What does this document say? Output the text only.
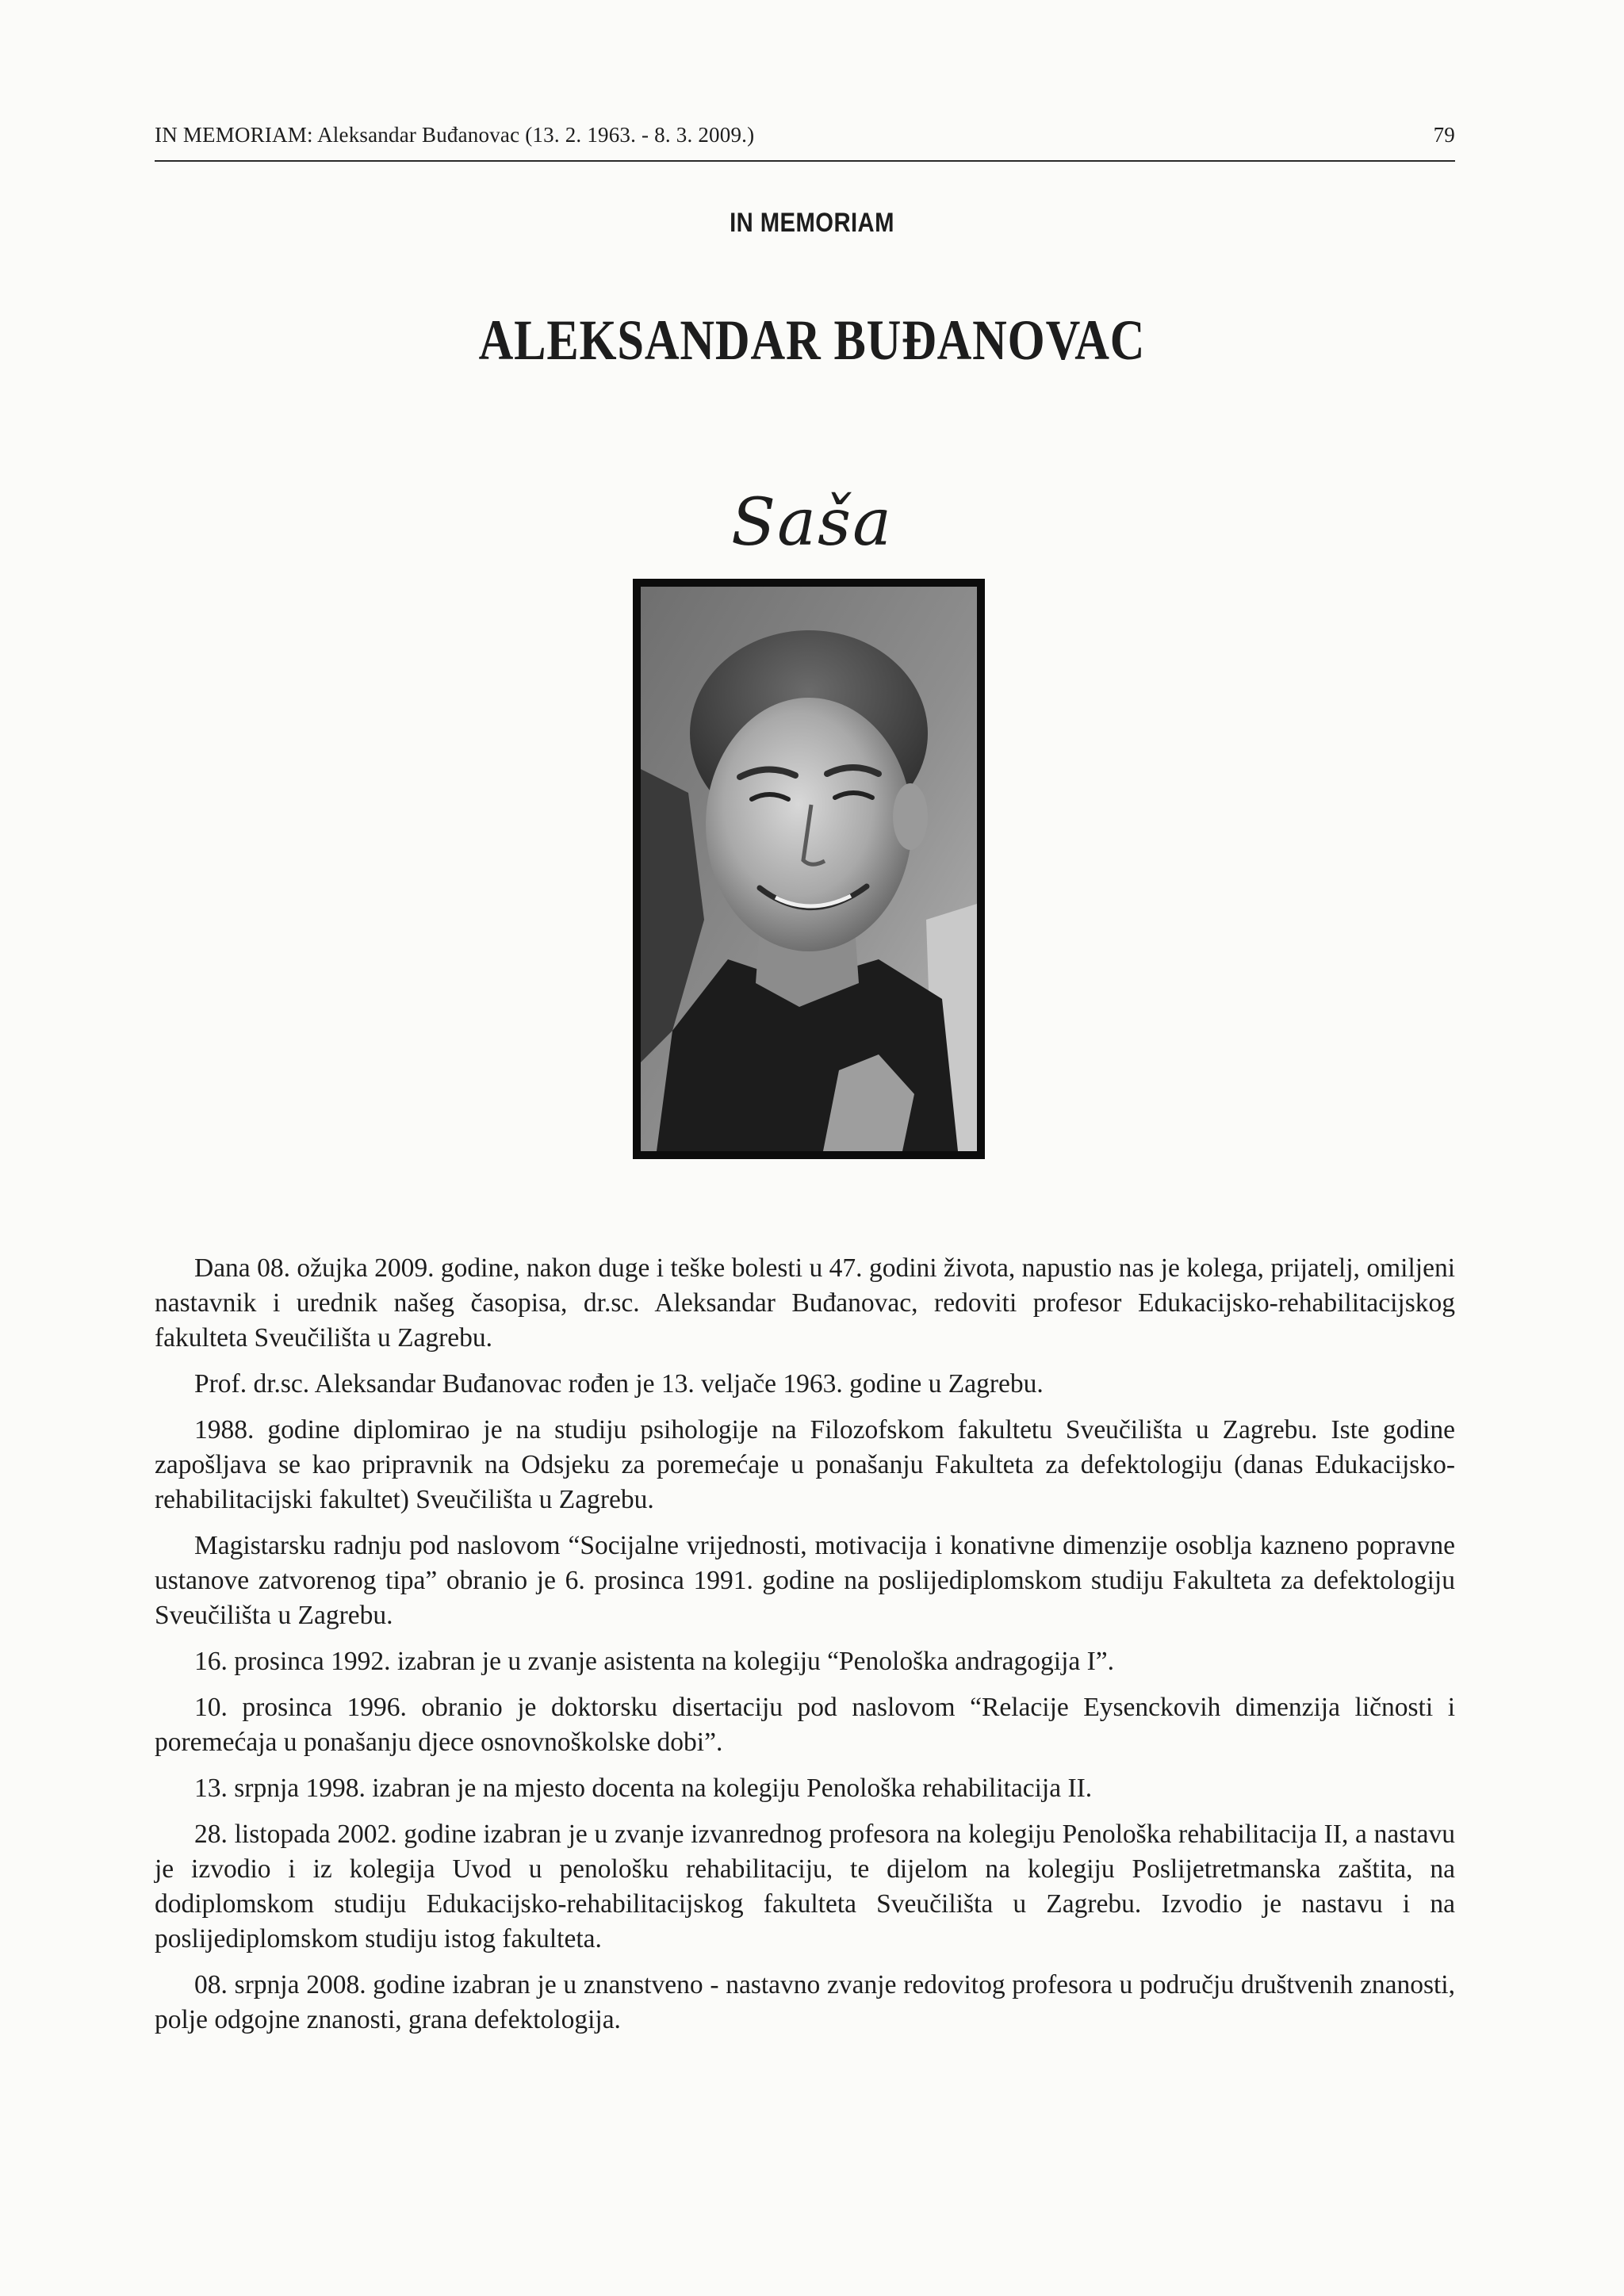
IN MEMORIAM: Aleksandar Buđanovac (13. 2. 1963. - 8. 3. 2009.)	79
IN MEMORIAM
ALEKSANDAR BUĐANOVAC
Saša

Dana 08. ožujka 2009. godine, nakon duge i teške bolesti u 47. godini života, napustio nas je kolega, prijatelj, omiljeni nastavnik i urednik našeg časopisa, dr.sc. Aleksandar Buđanovac, redoviti profesor Edukacijsko-rehabilitacijskog fakulteta Sveučilišta u Zagrebu.

Prof. dr.sc. Aleksandar Buđanovac rođen je 13. veljače 1963. godine u Zagrebu.

1988. godine diplomirao je na studiju psihologije na Filozofskom fakultetu Sveučilišta u Zagrebu. Iste godine zapošljava se kao pripravnik na Odsjeku za poremećaje u ponašanju Fakulteta za defektologiju (danas Edukacijsko-rehabilitacijski fakultet) Sveučilišta u Zagrebu.

Magistarsku radnju pod naslovom “Socijalne vrijednosti, motivacija i konativne dimenzije osoblja kazneno popravne ustanove zatvorenog tipa” obranio je 6. prosinca 1991. godine na poslijediplomskom studiju Fakulteta za defektologiju Sveučilišta u Zagrebu.

16. prosinca 1992. izabran je u zvanje asistenta na kolegiju “Penološka andragogija I”.

10. prosinca 1996. obranio je doktorsku disertaciju pod naslovom “Relacije Eysenckovih dimenzija ličnosti i poremećaja u ponašanju djece osnovnoškolske dobi”.

13. srpnja 1998. izabran je na mjesto docenta na kolegiju Penološka rehabilitacija II.

28. listopada 2002. godine izabran je u zvanje izvanrednog profesora na kolegiju Penološka rehabilitacija II, a nastavu je izvodio i iz kolegija Uvod u penološku rehabilitaciju, te dijelom na kolegiju Poslijetretmanska zaštita, na dodiplomskom studiju Edukacijsko-rehabilitacijskog fakulteta Sveučilišta u Zagrebu. Izvodio je nastavu i na poslijediplomskom studiju istog fakulteta.

08. srpnja 2008. godine izabran je u znanstveno - nastavno zvanje redovitog profesora u području društvenih znanosti, polje odgojne znanosti, grana defektologija.
